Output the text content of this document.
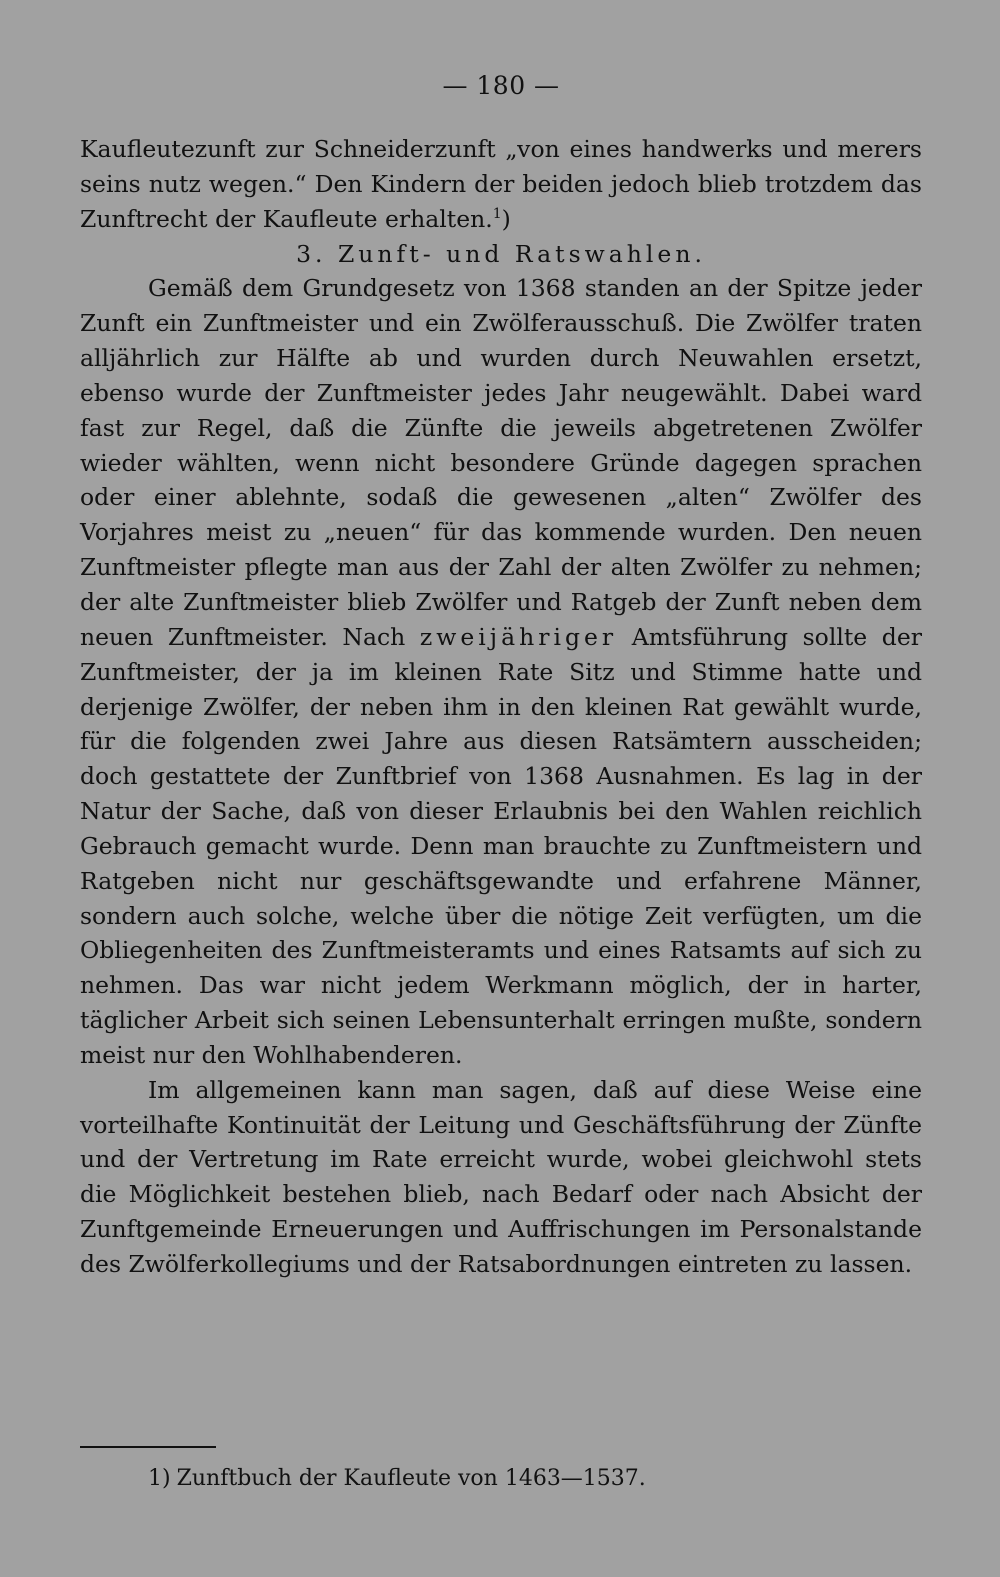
— 180 —

Kaufleutezunft zur Schneiderzunft „von eines handwerks und merers seins nutz wegen.“ Den Kindern der beiden jedoch blieb trotzdem das Zunftrecht der Kaufleute erhalten.$^1$)

3. Zunft- und Ratswahlen.

Gemäß dem Grundgesetz von 1368 standen an der Spitze jeder Zunft ein Zunftmeister und ein Zwölferausschuß. Die Zwölfer traten alljährlich zur Hälfte ab und wurden durch Neuwahlen ersetzt, ebenso wurde der Zunftmeister jedes Jahr neugewählt. Dabei ward fast zur Regel, daß die Zünfte die jeweils abgetretenen Zwölfer wieder wählten, wenn nicht besondere Gründe dagegen sprachen oder einer ablehnte, sodaß die gewesenen „alten“ Zwölfer des Vorjahres meist zu „neuen“ für das kommende wurden. Den neuen Zunftmeister pflegte man aus der Zahl der alten Zwölfer zu nehmen; der alte Zunftmeister blieb Zwölfer und Ratgeb der Zunft neben dem neuen Zunftmeister. Nach zweijähriger Amtsführung sollte der Zunftmeister, der ja im kleinen Rate Sitz und Stimme hatte und derjenige Zwölfer, der neben ihm in den kleinen Rat gewählt wurde, für die folgenden zwei Jahre aus diesen Ratsämtern ausscheiden; doch gestattete der Zunftbrief von 1368 Ausnahmen. Es lag in der Natur der Sache, daß von dieser Erlaubnis bei den Wahlen reichlich Gebrauch gemacht wurde. Denn man brauchte zu Zunftmeistern und Ratgeben nicht nur geschäftsgewandte und erfahrene Männer, sondern auch solche, welche über die nötige Zeit verfügten, um die Obliegenheiten des Zunftmeisteramts und eines Ratsamts auf sich zu nehmen. Das war nicht jedem Werkmann möglich, der in harter, täglicher Arbeit sich seinen Lebensunterhalt erringen mußte, sondern meist nur den Wohlhabenderen.

Im allgemeinen kann man sagen, daß auf diese Weise eine vorteilhafte Kontinuität der Leitung und Geschäftsführung der Zünfte und der Vertretung im Rate erreicht wurde, wobei gleichwohl stets die Möglichkeit bestehen blieb, nach Bedarf oder nach Absicht der Zunftgemeinde Erneuerungen und Auffrischungen im Personalstande des Zwölferkollegiums und der Ratsabordnungen eintreten zu lassen.

1) Zunftbuch der Kaufleute von 1463—1537.
